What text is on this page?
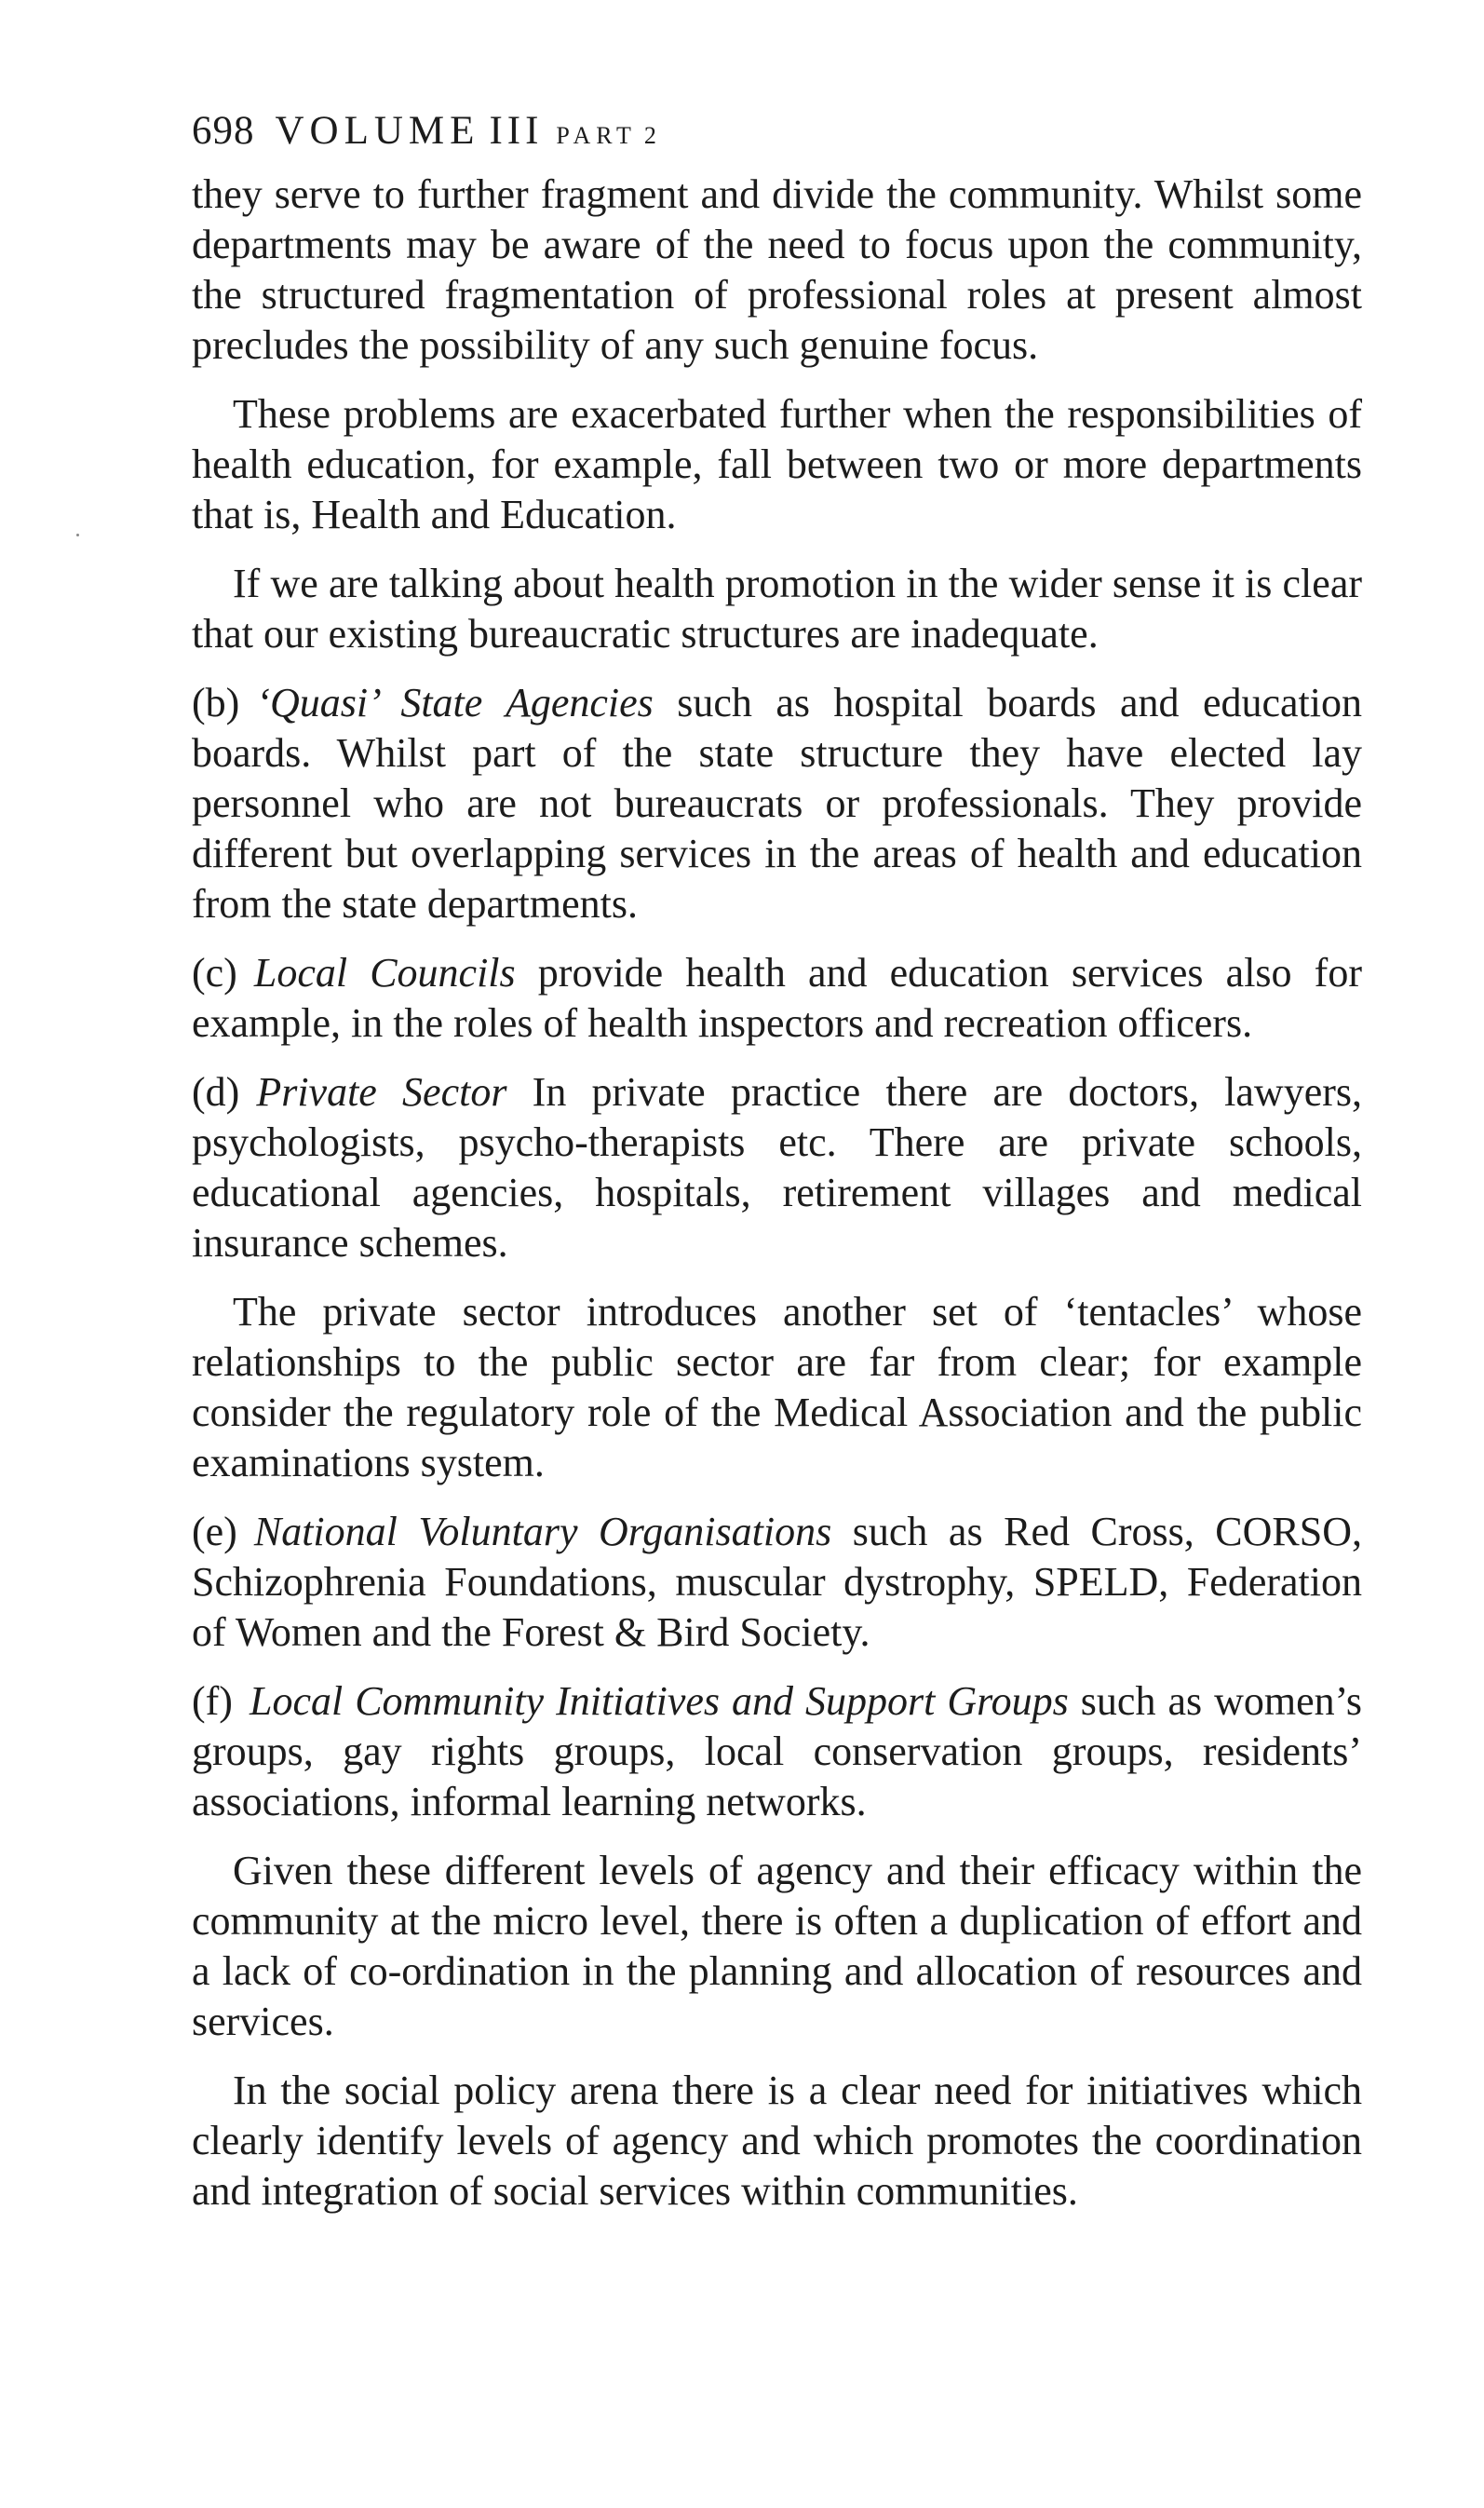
698 VOLUME III PART 2

they serve to further fragment and divide the community. Whilst some departments may be aware of the need to focus upon the community, the structured fragmentation of professional roles at present almost precludes the possibility of any such genuine focus.

These problems are exacerbated further when the responsibilities of health education, for example, fall between two or more departments that is, Health and Education.

If we are talking about health promotion in the wider sense it is clear that our existing bureaucratic structures are inadequate.

(b) ‘Quasi’ State Agencies such as hospital boards and education boards. Whilst part of the state structure they have elected lay personnel who are not bureaucrats or professionals. They provide different but overlapping services in the areas of health and education from the state departments.

(c) Local Councils provide health and education services also for example, in the roles of health inspectors and recreation officers.

(d) Private Sector In private practice there are doctors, lawyers, psychologists, psycho-therapists etc. There are private schools, educational agencies, hospitals, retirement villages and medical insurance schemes.

The private sector introduces another set of ‘tentacles’ whose relationships to the public sector are far from clear; for example consider the regulatory role of the Medical Association and the public examinations system.

(e) National Voluntary Organisations such as Red Cross, CORSO, Schizophrenia Foundations, muscular dystrophy, SPELD, Federation of Women and the Forest & Bird Society.

(f) Local Community Initiatives and Support Groups such as women’s groups, gay rights groups, local conservation groups, residents’ associations, informal learning networks.

Given these different levels of agency and their efficacy within the community at the micro level, there is often a duplication of effort and a lack of co-ordination in the planning and allocation of resources and services.

In the social policy arena there is a clear need for initiatives which clearly identify levels of agency and which promotes the coordination and integration of social services within communities.
